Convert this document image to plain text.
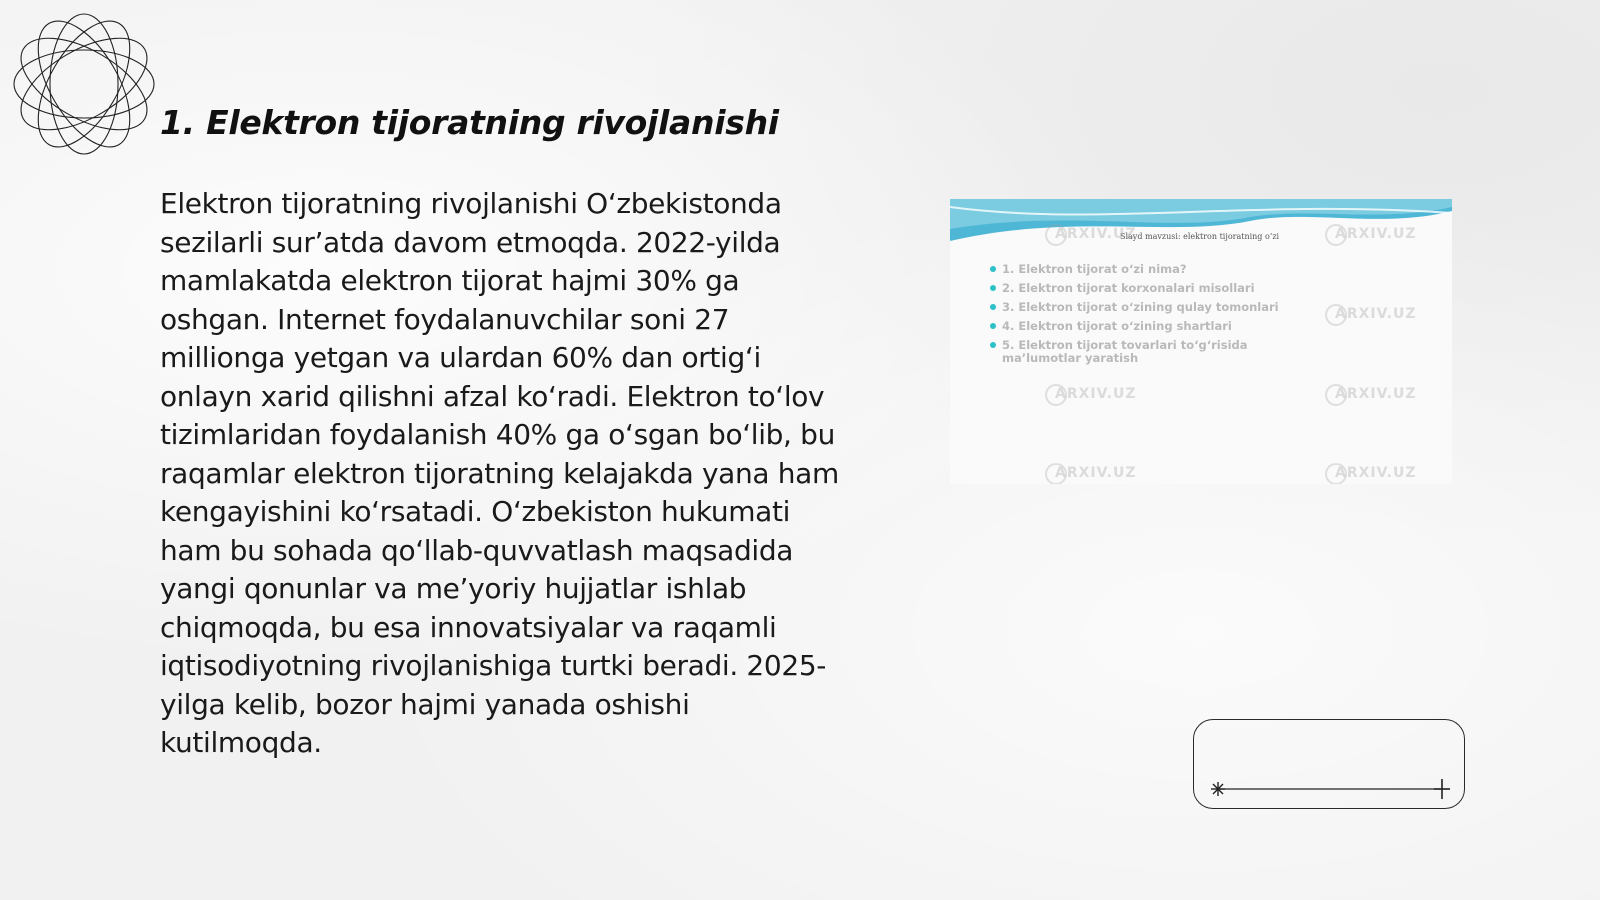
1. Elektron tijoratning rivojlanishi

Elektron tijoratning rivojlanishi O‘zbekistonda sezilarli sur’atda davom etmoqda. 2022-yilda mamlakatda elektron tijorat hajmi 30% ga oshgan. Internet foydalanuvchilar soni 27 millionga yetgan va ulardan 60% dan ortig‘i onlayn xarid qilishni afzal ko‘radi. Elektron to‘lov tizimlaridan foydalanish 40% ga o‘sgan bo‘lib, bu raqamlar elektron tijoratning kelajakda yana ham kengayishini ko‘rsatadi. O‘zbekiston hukumati ham bu sohada qo‘llab-quvvatlash maqsadida yangi qonunlar va me’yoriy hujjatlar ishlab chiqmoqda, bu esa innovatsiyalar va raqamli iqtisodiyotning rivojlanishiga turtki beradi. 2025-yilga kelib, bozor hajmi yanada oshishi kutilmoqda.

Slayd mavzusi: elektron tijoratning o‘zi
1. Elektron tijorat o‘zi nima?
2. Elektron tijorat korxonalari misollari
3. Elektron tijorat o‘zining qulay tomonlari
4. Elektron tijorat o‘zining shartlari
5. Elektron tijorat tovarlari to‘g‘risida ma’lumotlar yaratish
ARXIV.UZ	ARXIV.UZ
ARXIV.UZ
ARXIV.UZ	ARXIV.UZ
ARXIV.UZ	ARXIV.UZ
